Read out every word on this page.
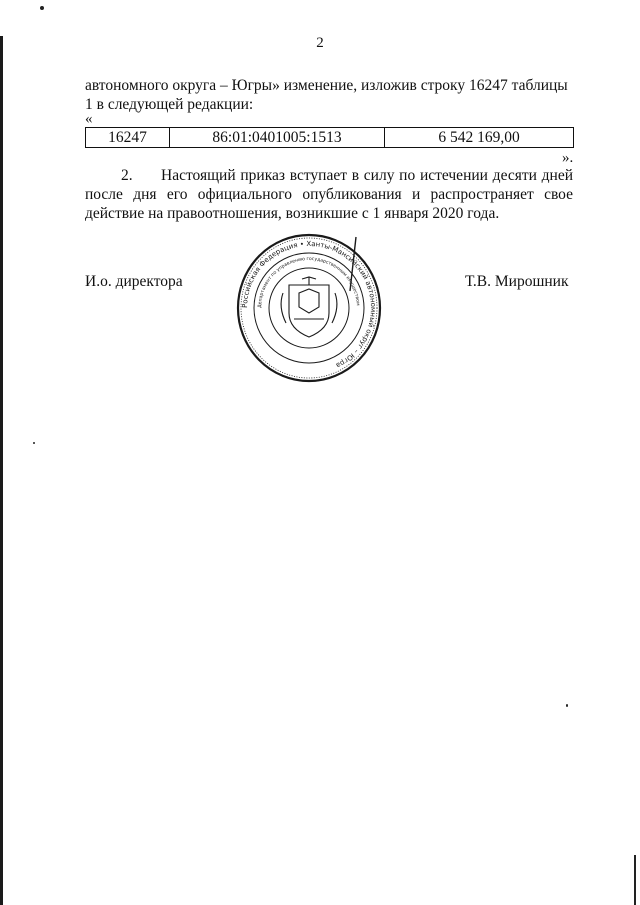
2

автономного округа – Югры» изменение, изложив строку 16247 таблицы 1 в следующей редакции:

«
16247	86:01:0401005:1513	6 542 169,00
».

2. Настоящий приказ вступает в силу по истечении десяти дней после дня его официального опубликования и распространяет свое действие на правоотношения, возникшие с 1 января 2020 года.

И.о. директора	Т.В. Мирошник
Российская Федерация • Ханты-Мансийский автономный округ – Югра
Департамент по управлению государственным имуществом
